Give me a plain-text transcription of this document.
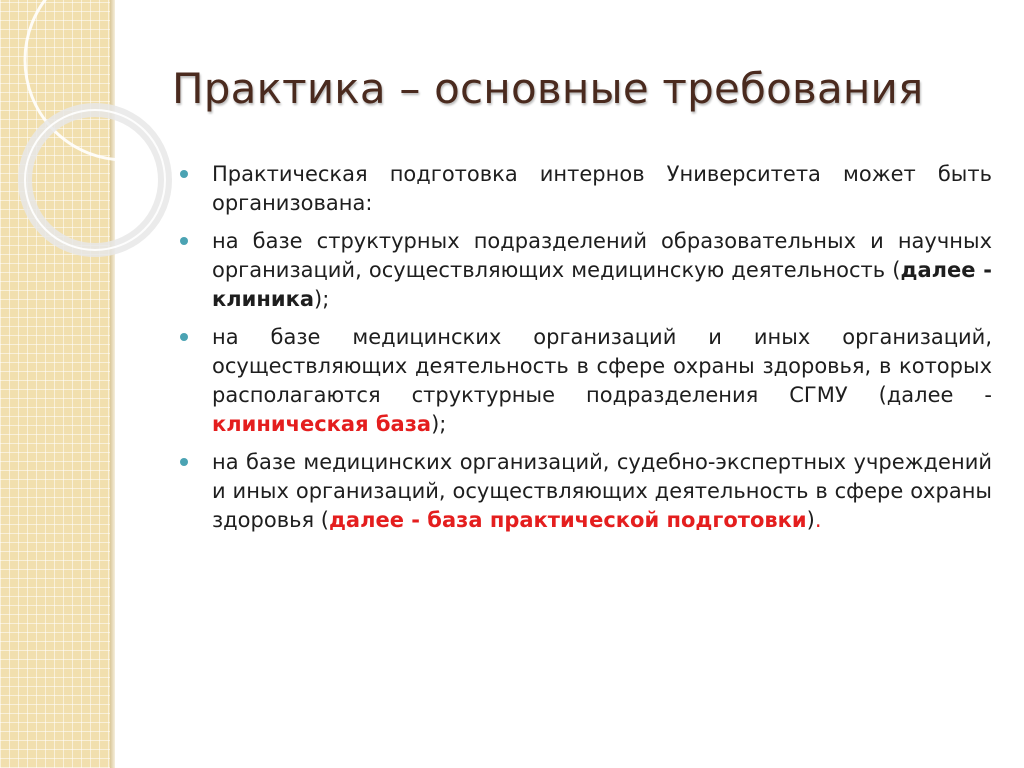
Практика – основные требования
Практическая подготовка интернов Университета может быть организована:
на базе структурных подразделений образовательных и научных организаций, осуществляющих медицинскую деятельность (далее - клиника);
на базе медицинских организаций и иных организаций, осуществляющих деятельность в сфере охраны здоровья, в которых располагаются структурные подразделения СГМУ (далее - клиническая база);
на базе медицинских организаций, судебно-экспертных учреждений и иных организаций, осуществляющих деятельность в сфере охраны здоровья (далее - база практической подготовки).
